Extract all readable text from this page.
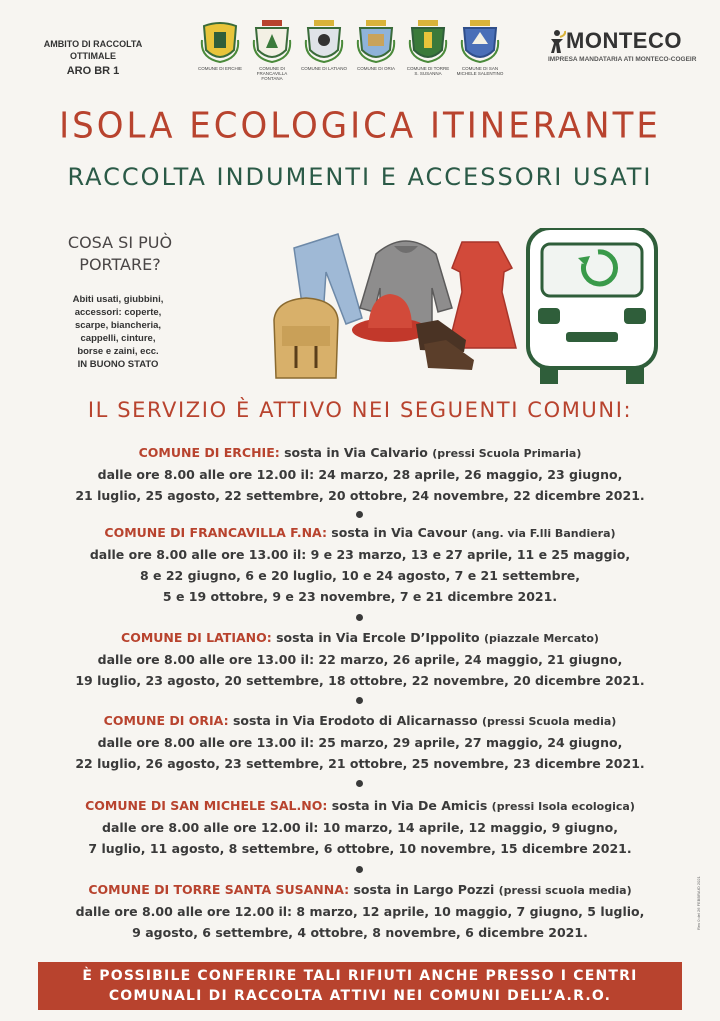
AMBITO DI RACCOLTA
OTTIMALE
ARO BR 1	COMUNE DI ERCHIE	COMUNE DI FRANCAVILLA FONTANA
COMUNE DI LATIANO COMUNE DI ORIA	COMUNE DI TORRE S. SUSANNA
COMUNE DI SAN MICHELE SALENTINO
MONTECO
IMPRESA MANDATARIA ATI MONTECO-COGEIR
ISOLA ECOLOGICA ITINERANTE
RACCOLTA INDUMENTI E ACCESSORI USATI
COSA SI PUÒ
PORTARE?
Abiti usati, giubbini,
accessori: coperte,
scarpe, biancheria,
cappelli, cinture,
borse e zaini, ecc.
IN BUONO STATO
IL SERVIZIO È ATTIVO NEI SEGUENTI COMUNI:
COMUNE DI ERCHIE: sosta in Via Calvario (pressi Scuola Primaria)
dalle ore 8.00 alle ore 12.00 il: 24 marzo, 28 aprile, 26 maggio, 23 giugno,
21 luglio, 25 agosto, 22 settembre, 20 ottobre, 24 novembre, 22 dicembre 2021.
COMUNE DI FRANCAVILLA F.NA: sosta in Via Cavour (ang. via F.lli Bandiera)
dalle ore 8.00 alle ore 13.00 il: 9 e 23 marzo, 13 e 27 aprile, 11 e 25 maggio,
8 e 22 giugno, 6 e 20 luglio, 10 e 24 agosto, 7 e 21 settembre,
5 e 19 ottobre, 9 e 23 novembre, 7 e 21 dicembre 2021.
COMUNE DI LATIANO: sosta in Via Ercole D’Ippolito (piazzale Mercato)
dalle ore 8.00 alle ore 13.00 il: 22 marzo, 26 aprile, 24 maggio, 21 giugno,
19 luglio, 23 agosto, 20 settembre, 18 ottobre, 22 novembre, 20 dicembre 2021.
COMUNE DI ORIA: sosta in Via Erodoto di Alicarnasso (pressi Scuola media)
dalle ore 8.00 alle ore 13.00 il: 25 marzo, 29 aprile, 27 maggio, 24 giugno,
22 luglio, 26 agosto, 23 settembre, 21 ottobre, 25 novembre, 23 dicembre 2021.
COMUNE DI SAN MICHELE SAL.NO: sosta in Via De Amicis (pressi Isola ecologica)
dalle ore 8.00 alle ore 12.00 il: 10 marzo, 14 aprile, 12 maggio, 9 giugno,
7 luglio, 11 agosto, 8 settembre, 6 ottobre, 10 novembre, 15 dicembre 2021.
COMUNE DI TORRE SANTA SUSANNA: sosta in Largo Pozzi (pressi scuola media)
dalle ore 8.00 alle ore 12.00 il: 8 marzo, 12 aprile, 10 maggio, 7 giugno, 5 luglio,
9 agosto, 6 settembre, 4 ottobre, 8 novembre, 6 dicembre 2021.
Rev 0 del 26 FEBBRAIO 2021
È POSSIBILE CONFERIRE TALI RIFIUTI ANCHE PRESSO I CENTRI
COMUNALI DI RACCOLTA ATTIVI NEI COMUNI DELL’A.R.O.
